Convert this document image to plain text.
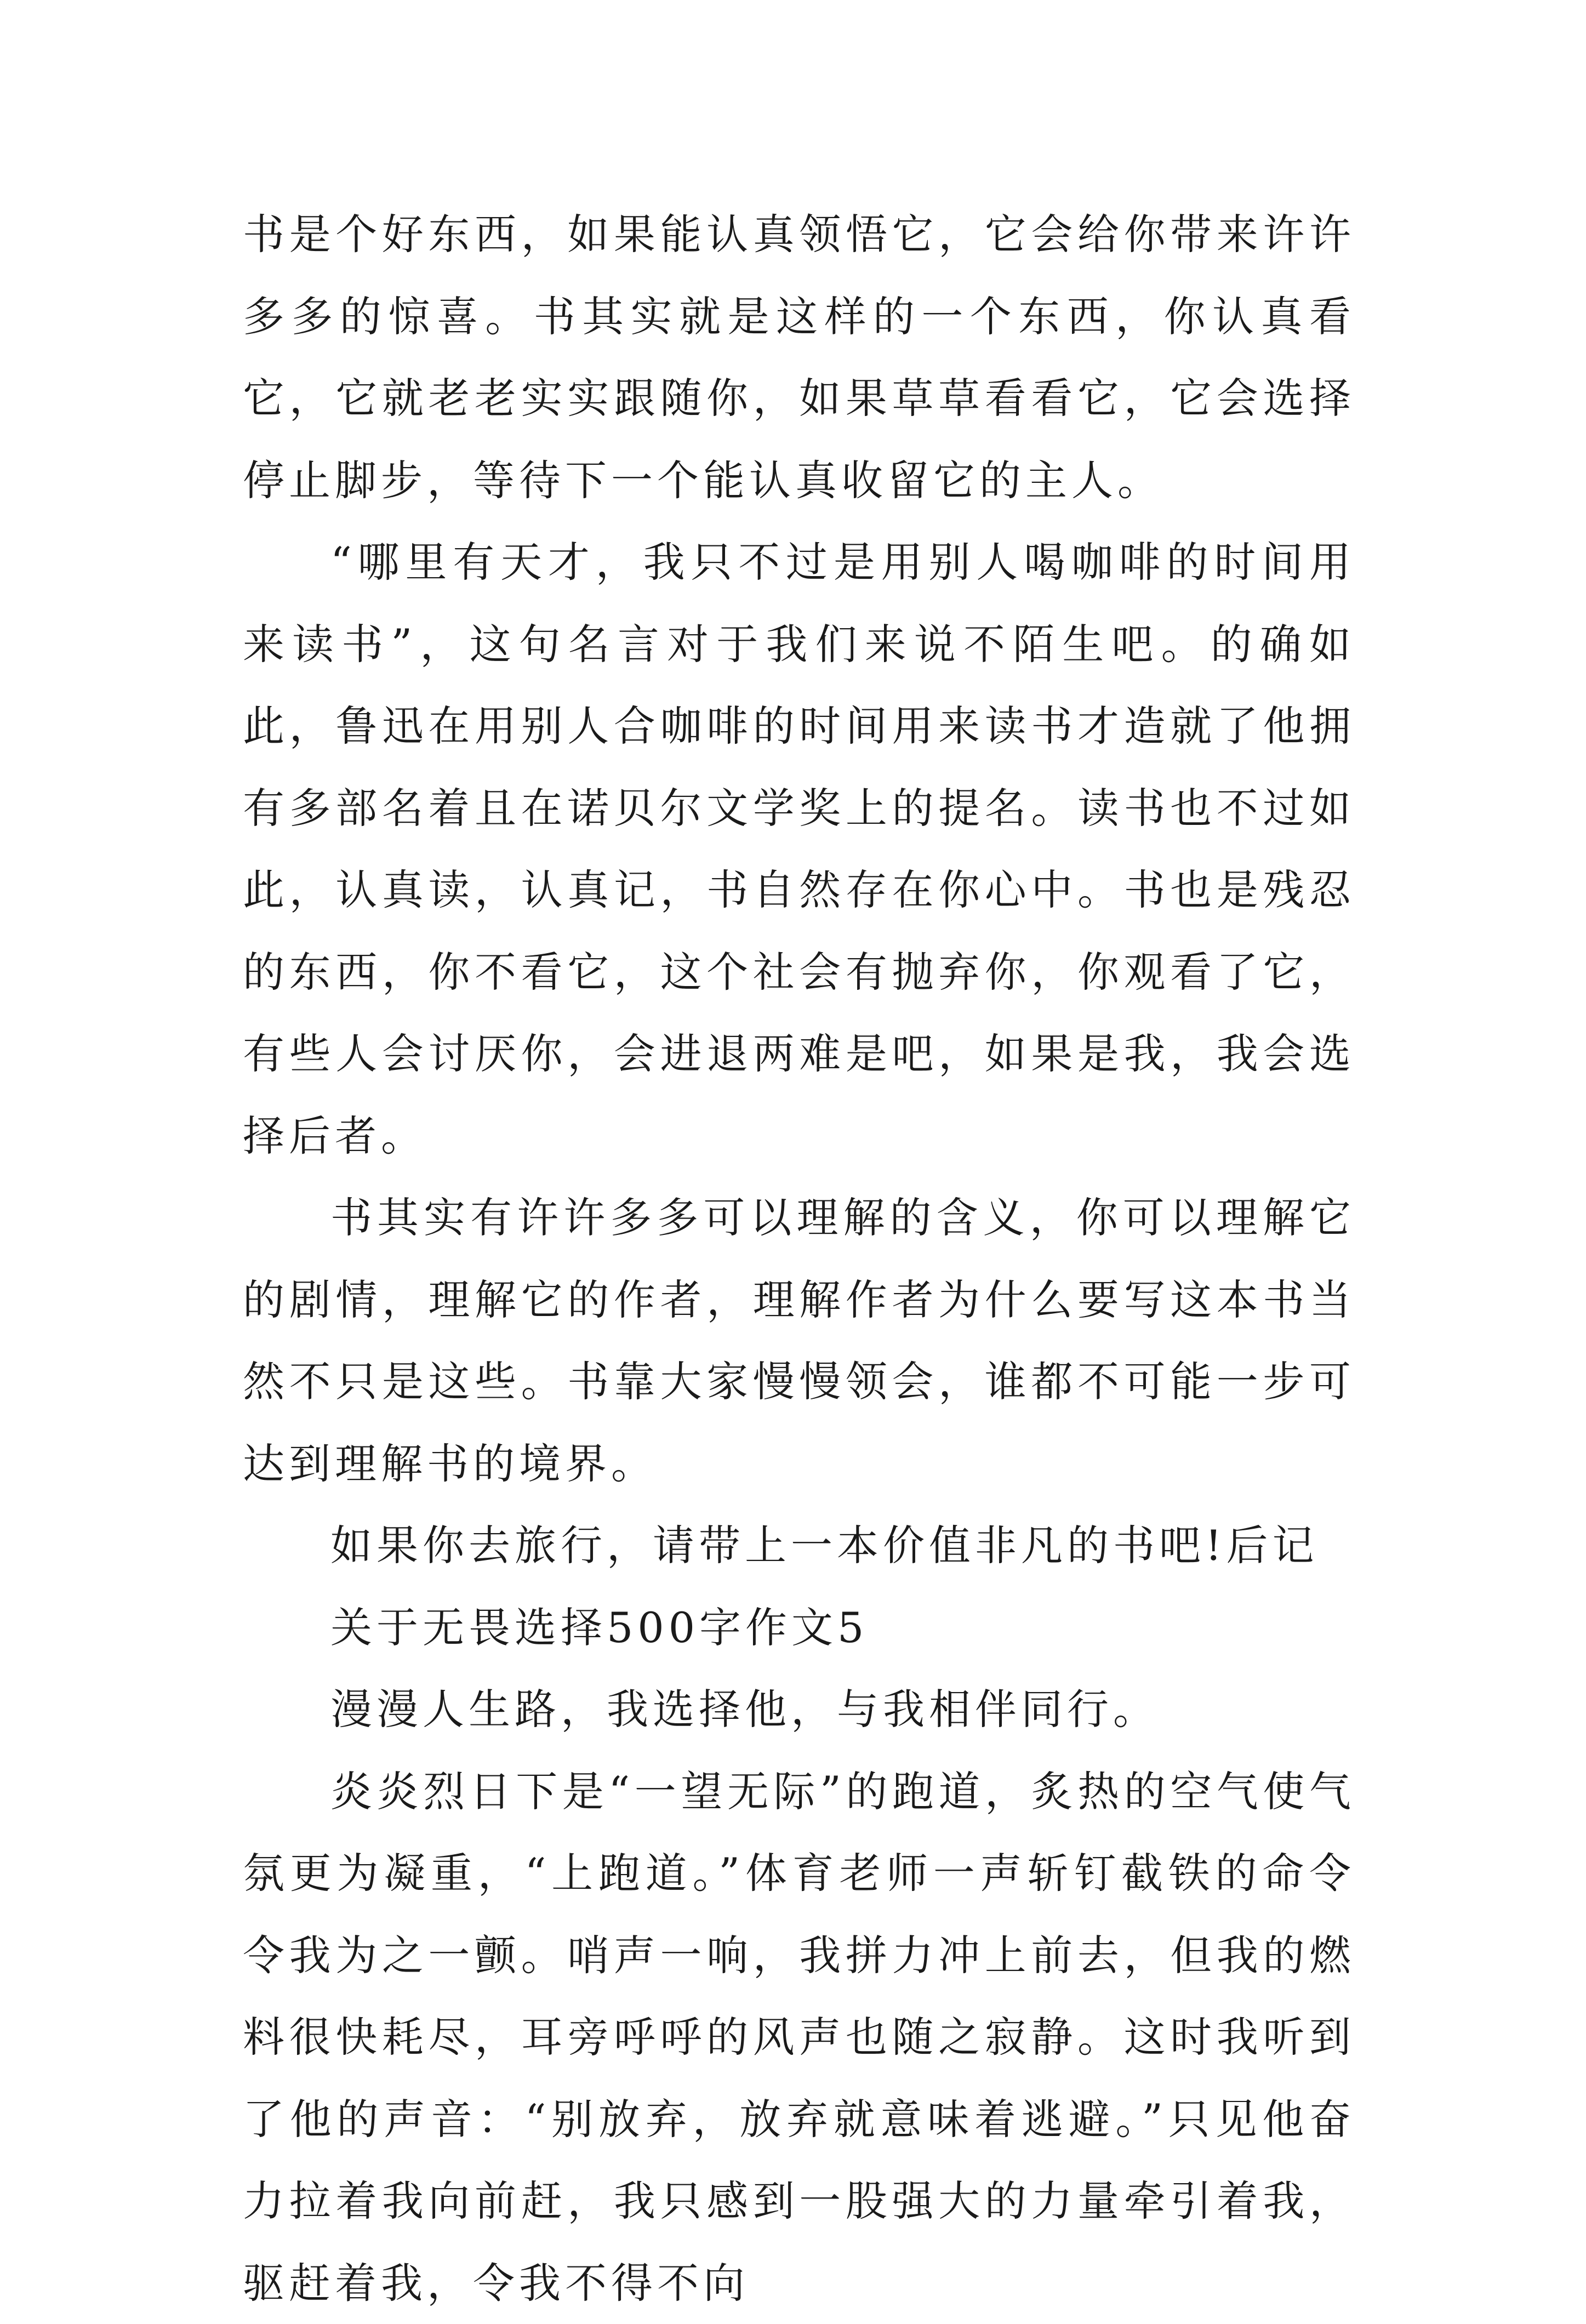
书是个好东西，如果能认真领悟它，它会给你带来许许多多的惊喜。书其实就是这样的一个东西，你认真看它，它就老老实实跟随你，如果草草看看它，它会选择停止脚步，等待下一个能认真收留它的主人。

“哪里有天才，我只不过是用别人喝咖啡的时间用来读书”，这句名言对于我们来说不陌生吧。的确如此，鲁迅在用别人合咖啡的时间用来读书才造就了他拥有多部名着且在诺贝尔文学奖上的提名。读书也不过如此，认真读，认真记，书自然存在你心中。书也是残忍的东西，你不看它，这个社会有抛弃你，你观看了它，有些人会讨厌你，会进退两难是吧，如果是我，我会选择后者。

书其实有许许多多可以理解的含义，你可以理解它的剧情，理解它的作者，理解作者为什么要写这本书当然不只是这些。书靠大家慢慢领会，谁都不可能一步可达到理解书的境界。

如果你去旅行，请带上一本价值非凡的书吧!后记

关于无畏选择500字作文5

漫漫人生路，我选择他，与我相伴同行。

炎炎烈日下是“一望无际”的跑道，炙热的空气使气氛更为凝重，“上跑道。”体育老师一声斩钉截铁的命令令我为之一颤。哨声一响，我拼力冲上前去，但我的燃料很快耗尽，耳旁呼呼的风声也随之寂静。这时我听到了他的声音：“别放弃，放弃就意味着逃避。”只见他奋力拉着我向前赶，我只感到一股强大的力量牵引着我，驱赶着我，令我不得不向
